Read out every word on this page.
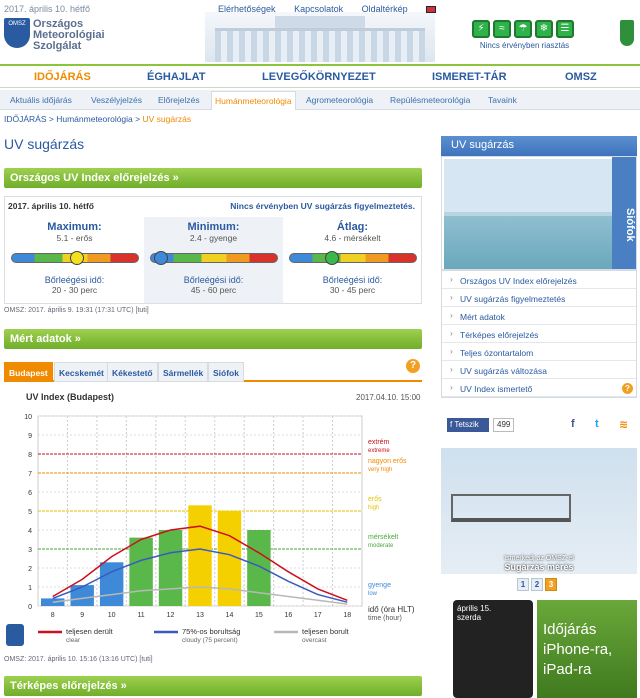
2017. április 10. hétfő
OMSZ Országos
Meteorológiai
Szolgálat
Elérhetőségek Kapcsolatok Oldaltérkép
⚡ ≈ ☂ ❄ ☰
Nincs érvényben riasztás
IDŐJÁRÁS	ÉGHAJLAT	LEVEGŐKÖRNYEZET	ISMERET-TÁR	OMSZ
Aktuális időjárás Veszélyjelzés Előrejelzés	Humánmeteorológia	Agrometeorológia Repülésmeteorológia Tavaink
IDŐJÁRÁS > Humánmeteorológia > UV sugárzás
UV sugárzás
Országos UV Index előrejelzés »
2017. április 10. hétfő	Nincs érvényben UV sugárzás figyelmeztetés.
Maximum:
5.1 - erős
Bőrleégési idő:
20 - 30 perc
Minimum:
2.4 - gyenge
Bőrleégési idő:
45 - 60 perc
Átlag:
4.6 - mérsékelt
Bőrleégési idő:
30 - 45 perc
OMSZ: 2017. április 9. 19:31 (17:31 UTC) [tuti]
Mért adatok »
Budapest	Kecskemét Kékestető	Sármellék	Siófok
?
UV Index (Budapest)	2017.04.10. 15:00
0
1
2
3
4
5
6
7
8
9
10
extrém
extreme
nagyon erős
very high
erős
high
mérsékelt
moderate
gyenge
low
8	9	10	11	12	13	14	15	16	17	18
idő (óra HLT)
time (hour)
teljesen derült
clear
75%-os borultság
cloudy (75 percent)
teljesen borult
overcast
OMSZ: 2017. április 10. 15:16 (13:16 UTC) [tuti]
Térképes előrejelzés »
UV sugárzás
Siófok
› Országos UV Index előrejelzés
› UV sugárzás figyelmeztetés
› Mért adatok
› Térképes előrejelzés
› Teljes ózontartalom
› UV sugárzás változása
› UV Index ismertető	?
f Tetszik	499	f t ≋
Ismerkedj az OMSZ-el
Sugárzás mérés
1 2 3
április 15.
szerda
Időjárás iPhone-ra, iPad-ra
